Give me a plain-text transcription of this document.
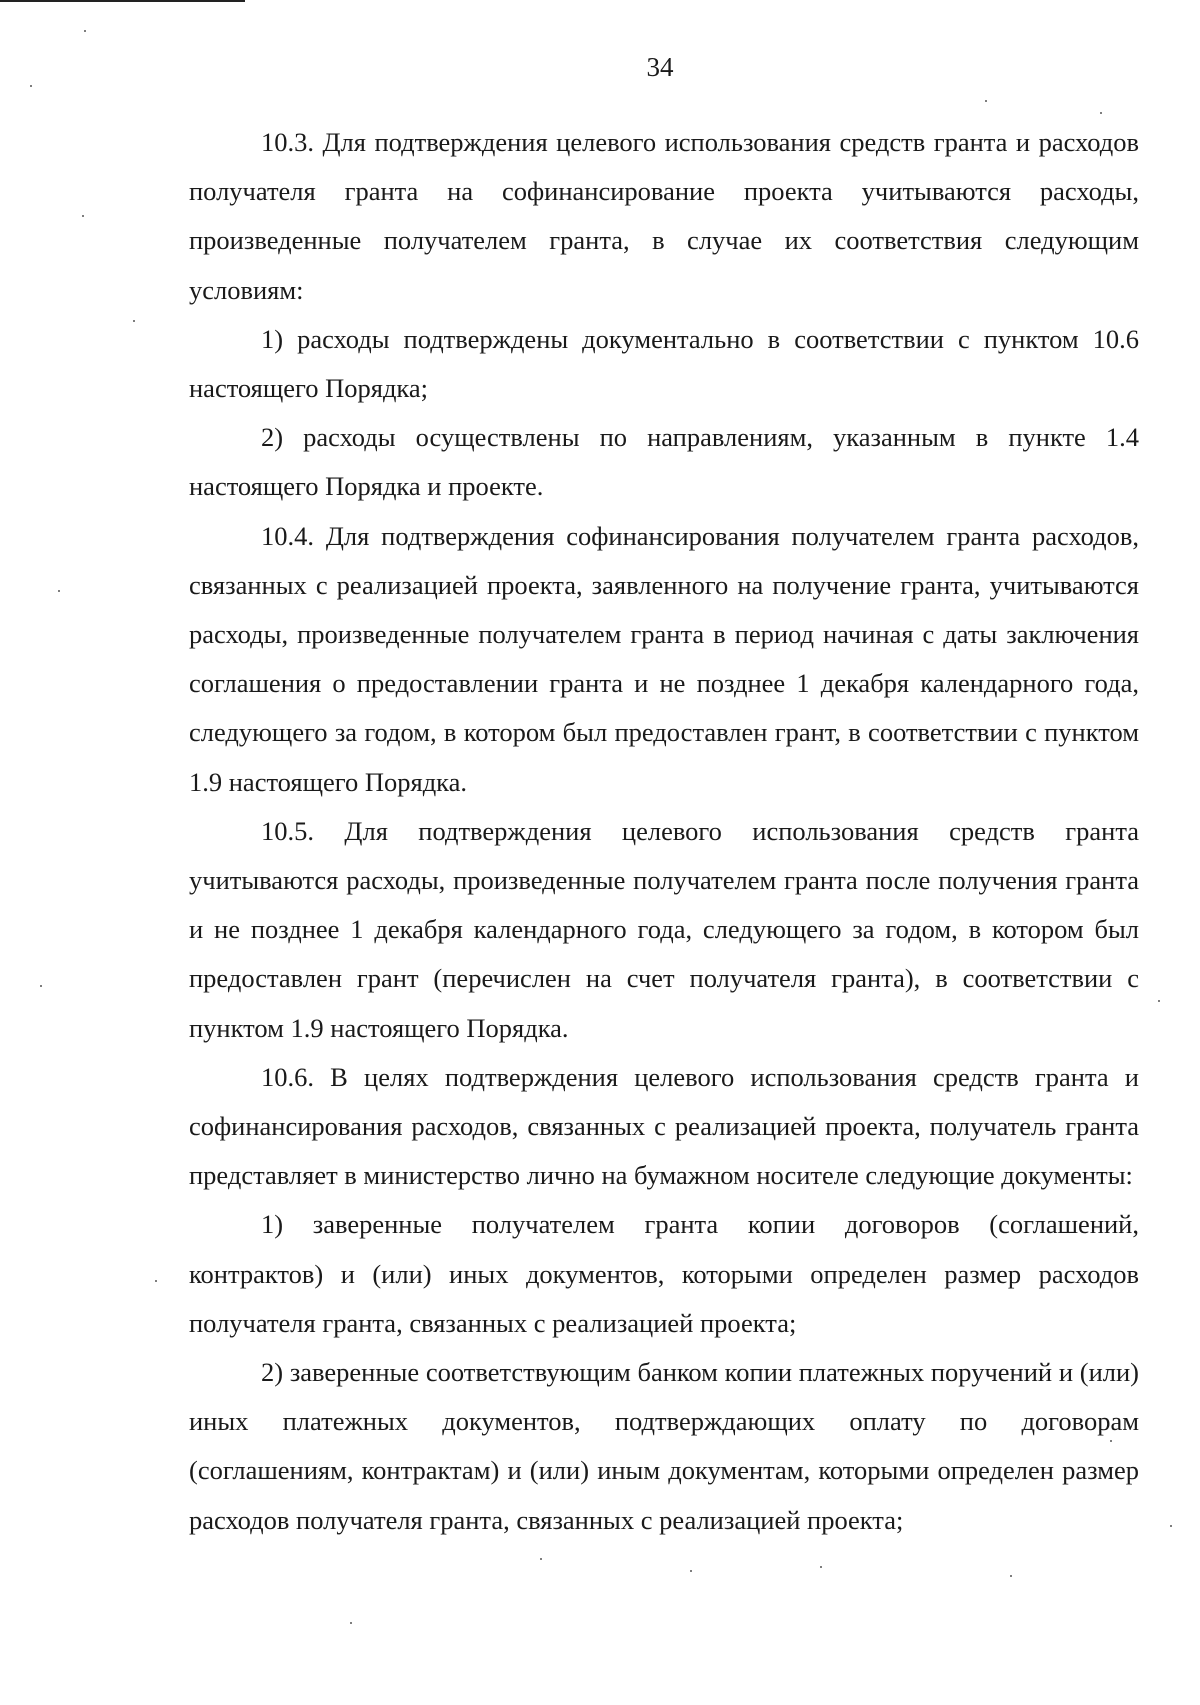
34

10.3. Для подтверждения целевого использования средств гранта и расходов получателя гранта на софинансирование проекта учитываются расходы, произведенные получателем гранта, в случае их соответствия следующим условиям:

1) расходы подтверждены документально в соответствии с пунктом 10.6 настоящего Порядка;

2) расходы осуществлены по направлениям, указанным в пункте 1.4 настоящего Порядка и проекте.

10.4. Для подтверждения софинансирования получателем гранта расходов, связанных с реализацией проекта, заявленного на получение гранта, учитываются расходы, произведенные получателем гранта в период начиная с даты заключения соглашения о предоставлении гранта и не позднее 1 декабря календарного года, следующего за годом, в котором был предоставлен грант, в соответствии с пунктом 1.9 настоящего Порядка.

10.5. Для подтверждения целевого использования средств гранта учитываются расходы, произведенные получателем гранта после получения гранта и не позднее 1 декабря календарного года, следующего за годом, в котором был предоставлен грант (перечислен на счет получателя гранта), в соответствии с пунктом 1.9 настоящего Порядка.

10.6. В целях подтверждения целевого использования средств гранта и софинансирования расходов, связанных с реализацией проекта, получатель гранта представляет в министерство лично на бумажном носителе следующие документы:

1) заверенные получателем гранта копии договоров (соглашений, контрактов) и (или) иных документов, которыми определен размер расходов получателя гранта, связанных с реализацией проекта;

2) заверенные соответствующим банком копии платежных поручений и (или) иных платежных документов, подтверждающих оплату по договорам (соглашениям, контрактам) и (или) иным документам, которыми определен размер расходов получателя гранта, связанных с реализацией проекта;
